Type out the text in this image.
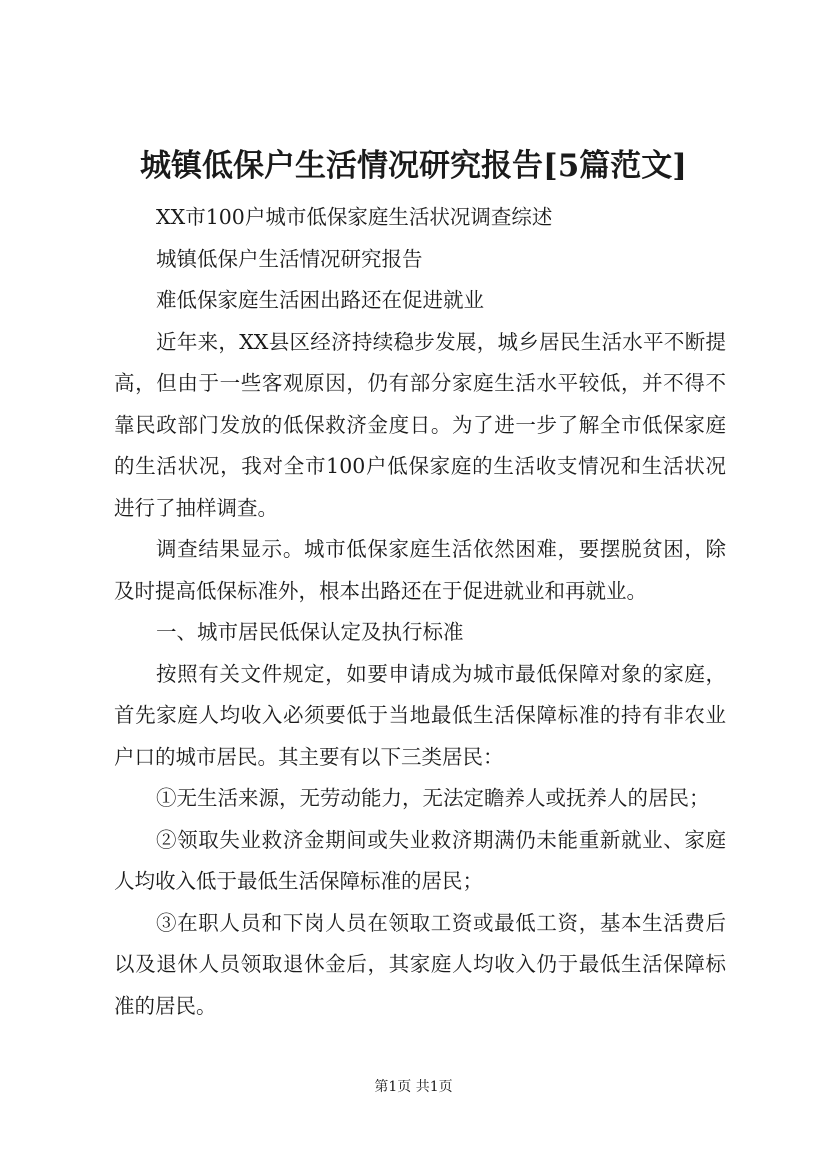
城镇低保户生活情况研究报告[5篇范文]

XX市100户城市低保家庭生活状况调查综述

城镇低保户生活情况研究报告

难低保家庭生活困出路还在促进就业

近年来，XX县区经济持续稳步发展，城乡居民生活水平不断提高，但由于一些客观原因，仍有部分家庭生活水平较低，并不得不靠民政部门发放的低保救济金度日。为了进一步了解全市低保家庭的生活状况，我对全市100户低保家庭的生活收支情况和生活状况进行了抽样调查。

调查结果显示。城市低保家庭生活依然困难，要摆脱贫困，除及时提高低保标准外，根本出路还在于促进就业和再就业。

一、城市居民低保认定及执行标准

按照有关文件规定，如要申请成为城市最低保障对象的家庭，首先家庭人均收入必须要低于当地最低生活保障标准的持有非农业户口的城市居民。其主要有以下三类居民：

①无生活来源，无劳动能力，无法定瞻养人或抚养人的居民；

②领取失业救济金期间或失业救济期满仍未能重新就业、家庭人均收入低于最低生活保障标准的居民；

③在职人员和下岗人员在领取工资或最低工资，基本生活费后以及退休人员领取退休金后，其家庭人均收入仍于最低生活保障标准的居民。

第1页 共1页
